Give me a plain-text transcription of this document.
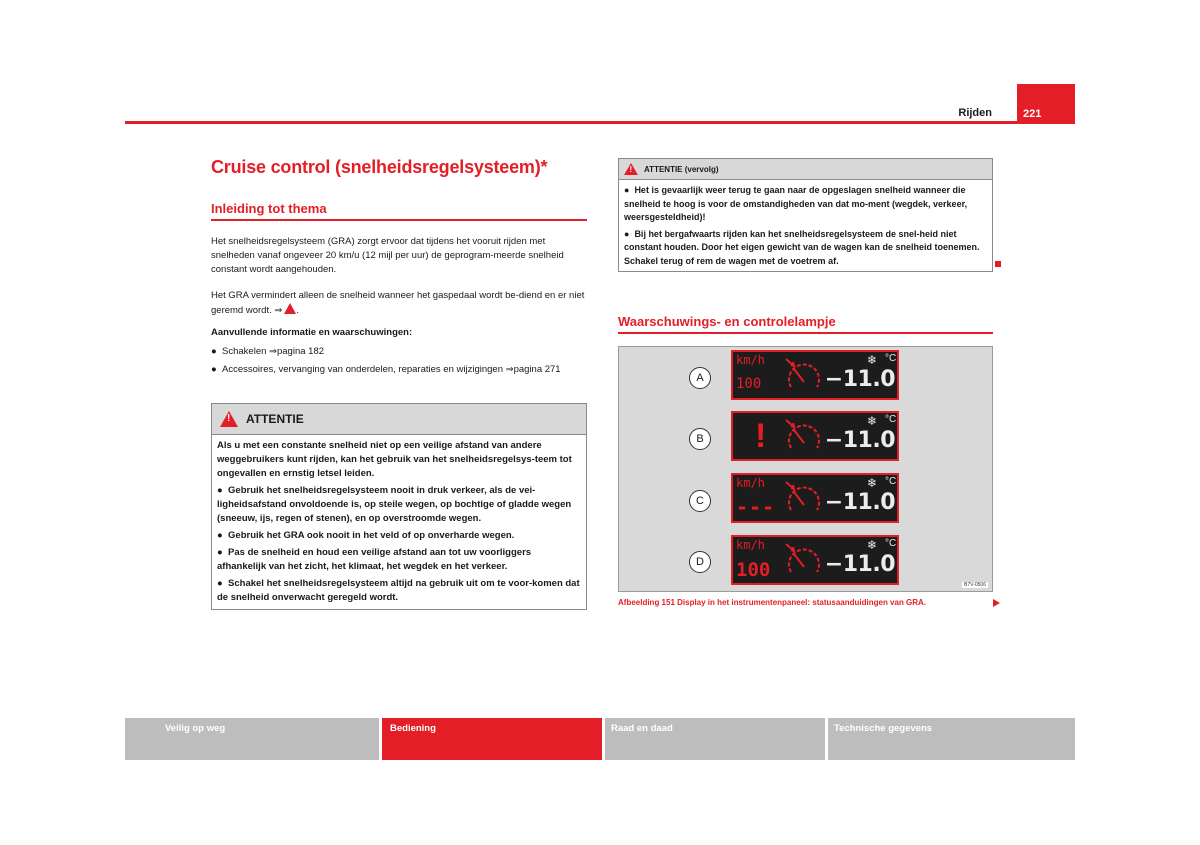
Rijden	221
Cruise control (snelheidsregelsysteem)*
Inleiding tot thema
Het snelheidsregelsysteem (GRA) zorgt ervoor dat tijdens het vooruit rijden met snelheden vanaf ongeveer 20 km/u (12 mijl per uur) de geprogram-meerde snelheid constant wordt aangehouden.
Het GRA vermindert alleen de snelheid wanneer het gaspedaal wordt be-diend en er niet geremd wordt. ⇒ .
Aanvullende informatie en waarschuwingen:
●  Schakelen ⇒pagina 182
●  Accessoires, vervanging van onderdelen, reparaties en wijzigingen ⇒pagina 271
!
ATTENTIE

Als u met een constante snelheid niet op een veilige afstand van andere weggebruikers kunt rijden, kan het gebruik van het snelheidsregelsys-teem tot ongevallen en ernstig letsel leiden.

●  Gebruik het snelheidsregelsysteem nooit in druk verkeer, als de vei-ligheidsafstand onvoldoende is, op steile wegen, op bochtige of gladde wegen (sneeuw, ijs, regen of stenen), en op overstroomde wegen.

●  Gebruik het GRA ook nooit in het veld of op onverharde wegen.

●  Pas de snelheid en houd een veilige afstand aan tot uw voorliggers afhankelijk van het zicht, het klimaat, het wegdek en het verkeer.

●  Schakel het snelheidsregelsysteem altijd na gebruik uit om te voor-komen dat de snelheid onverwacht geregeld wordt.

!
ATTENTIE (vervolg)

●  Het is gevaarlijk weer terug te gaan naar de opgeslagen snelheid wanneer die snelheid te hoog is voor de omstandigheden van dat mo-ment (wegdek, verkeer, weersgesteldheid)!

●  Bij het bergafwaarts rijden kan het snelheidsregelsysteem de snel-heid niet constant houden. Door het eigen gewicht van de wagen kan de snelheid toenemen. Schakel terug of rem de wagen met de voetrem af.

Waarschuwings- en controlelampje
A
km/h
100
❄ °C
−11.0
B !	❄ °C
−11.0
C
km/h
---
❄ °C
−11.0
D
km/h
100
❄ °C
−11.0
B7V-0506
Afbeelding 151 Display in het instrumentenpaneel: statusaanduidingen van GRA.
Veilig op weg	Bediening	Raad en daad	Technische gegevens
